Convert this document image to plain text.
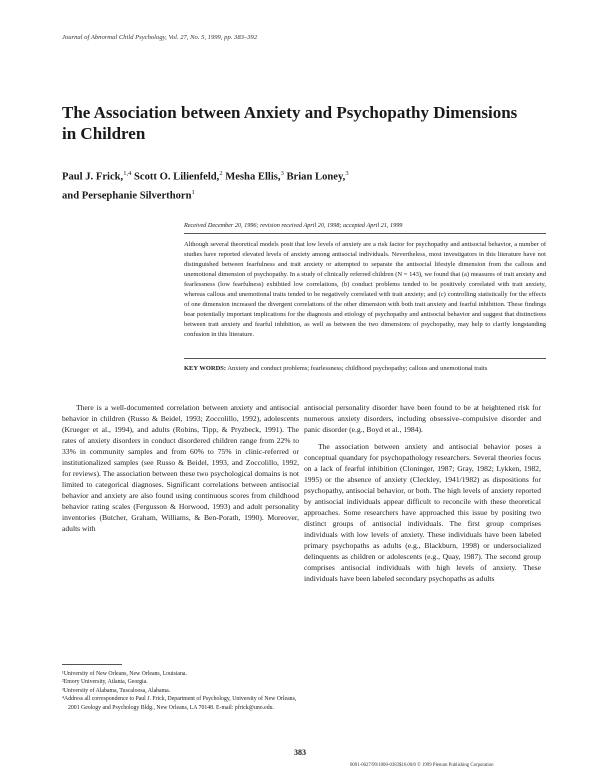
Journal of Abnormal Child Psychology, Vol. 27, No. 5, 1999, pp. 383–392
The Association between Anxiety and Psychopathy Dimensions in Children
Paul J. Frick,$^{1,4}$ Scott O. Lilienfeld,$^2$ Mesha Ellis,$^3$ Brian Loney,$^3$
and Persephanie Silverthorn$^1$
Received December 20, 1996; revision received April 20, 1998; accepted April 21, 1999

Although several theoretical models posit that low levels of anxiety are a risk factor for psychopathy and antisocial behavior, a number of studies have reported elevated levels of anxiety among antisocial individuals. Nevertheless, most investigators in this literature have not distinguished between fearfulness and trait anxiety or attempted to separate the antisocial lifestyle dimension from the callous and unemotional dimension of psychopathy. In a study of clinically referred children (N = 143), we found that (a) measures of trait anxiety and fearlessness (low fearfulness) exhibited low correlations, (b) conduct problems tended to be positively correlated with trait anxiety, whereas callous and unemotional traits tended to be negatively correlated with trait anxiety; and (c) controlling statistically for the effects of one dimension increased the divergent correlations of the other dimension with both trait anxiety and fearful inhibition. These findings bear potentially important implications for the diagnosis and etiology of psychopathy and antisocial behavior and suggest that distinctions between trait anxiety and fearful inhibition, as well as between the two dimensions of psychopathy, may help to clarify longstanding confusion in this literature.

KEY WORDS: Anxiety and conduct problems; fearlessness; childhood psychopathy; callous and unemotional traits

There is a well-documented correlation between anxiety and antisocial behavior in children (Russo & Beidel, 1993; Zoccolillo, 1992), adolescents (Krueger et al., 1994), and adults (Robins, Tipp, & Pryzbeck, 1991). The rates of anxiety disorders in conduct disordered children range from 22% to 33% in community samples and from 60% to 75% in clinic-referred or institutionalized samples (see Russo & Beidel, 1993, and Zoccolillo, 1992, for reviews). The association between these two psychological domains is not limited to categorical diagnoses. Significant correlations between antisocial behavior and anxiety are also found using continuous scores from childhood behavior rating scales (Fergusson & Horwood, 1993) and adult personality inventories (Butcher, Graham, Williams, & Ben-Porath, 1990). Moreover, adults with

antisocial personality disorder have been found to be at heightened risk for numerous anxiety disorders, including obsessive–compulsive disorder and panic disorder (e.g., Boyd et al., 1984).

The association between anxiety and antisocial behavior poses a conceptual quandary for psychopathology researchers. Several theories focus on a lack of fearful inhibition (Cloninger, 1987; Gray, 1982; Lykken, 1982, 1995) or the absence of anxiety (Cleckley, 1941/1982) as dispositions for psychopathy, antisocial behavior, or both. The high levels of anxiety reported by antisocial individuals appear difficult to reconcile with these theoretical approaches. Some researchers have approached this issue by positing two distinct groups of antisocial individuals. The first group comprises individuals with low levels of anxiety. These individuals have been labeled primary psychopaths as adults (e.g., Blackburn, 1998) or undersocialized delinquents as children or adolescents (e.g., Quay, 1987). The second group comprises antisocial individuals with high levels of anxiety. These individuals have been labeled secondary psychopaths as adults

¹University of New Orleans, New Orleans, Louisiana.
²Emory University, Atlanta, Georgia.
³University of Alabama, Tuscaloosa, Alabama.
⁴Address all correspondence to Paul J. Frick, Department of Psychology, University of New Orleans, 2001 Geology and Psychology Bldg., New Orleans, LA 70148. E-mail: pfrick@uno.edu.
383
0091-0627/99/1000-0383$16.00/0 © 1999 Plenum Publishing Corporation
